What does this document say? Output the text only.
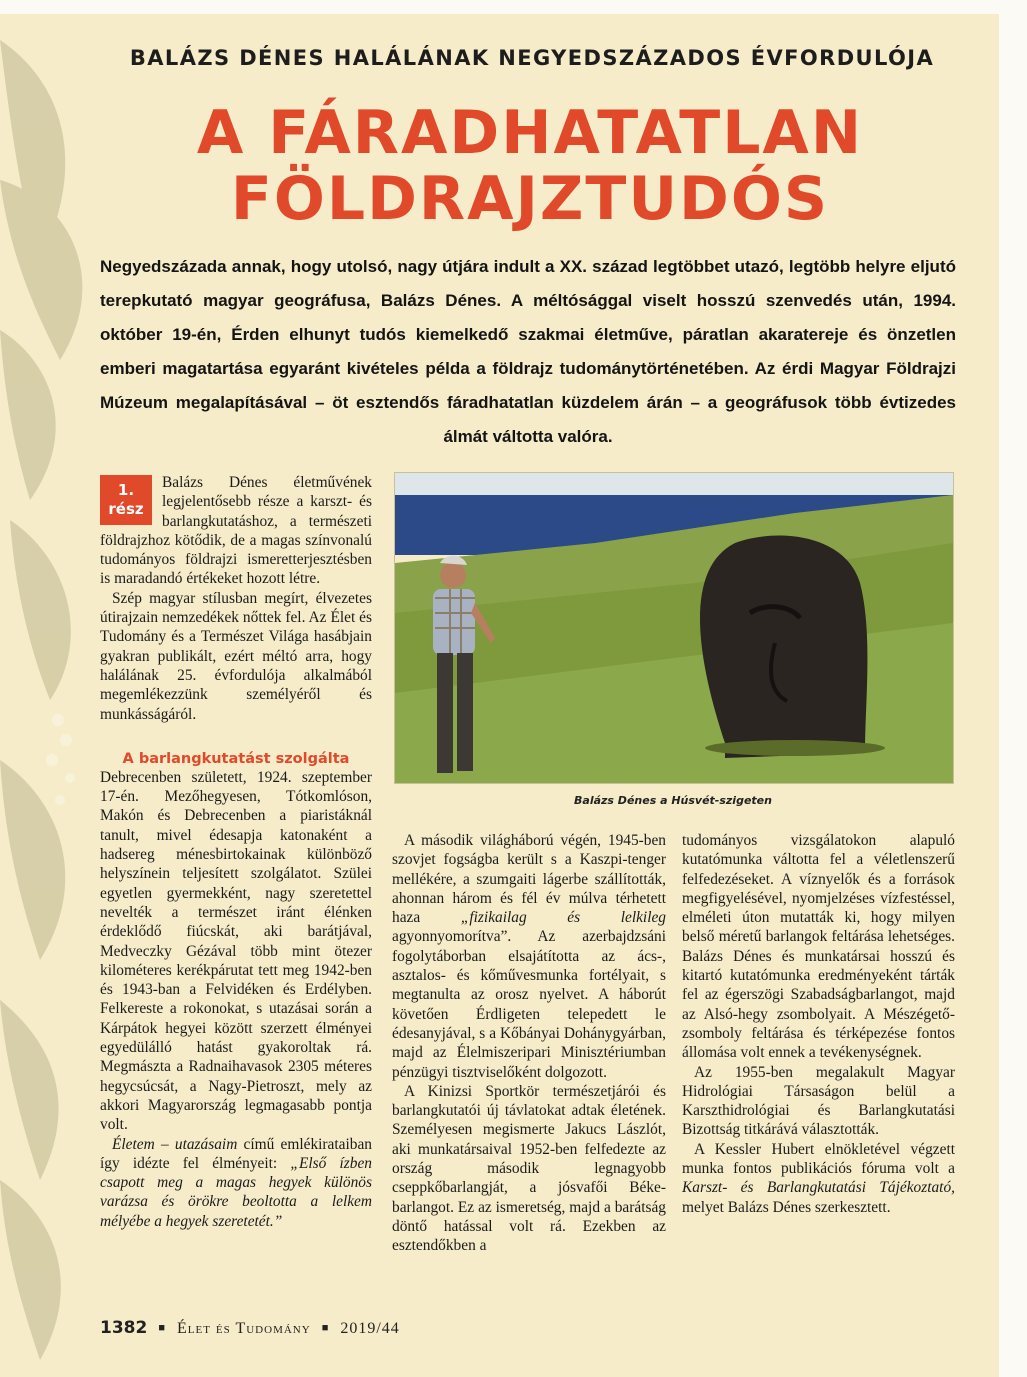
BALÁZS DÉNES HALÁLÁNAK NEGYEDSZÁZADOS ÉVFORDULÓJA
A FÁRADHATATLAN
FÖLDRAJZTUDÓS
Negyedszázada annak, hogy utolsó, nagy útjára indult a XX. század legtöbbet utazó, legtöbb helyre eljutó terepkutató magyar geográfusa, Balázs Dénes. A méltósággal viselt hosszú szenvedés után, 1994. október 19-én, Érden elhunyt tudós kiemelkedő szakmai életműve, páratlan akaratereje és önzetlen emberi magatartása egyaránt kivételes példa a földrajz tudománytörténetében. Az érdi Magyar Földrajzi Múzeum megalapításával – öt esztendős fáradhatatlan küzdelem árán – a geográfusok több évtizedes álmát váltotta valóra.
1.
rész

Balázs Dénes életművének legjelentősebb része a karszt- és barlangkutatáshoz, a természeti földrajzhoz kötődik, de a magas színvonalú tudományos földrajzi ismeretterjesztésben is maradandó értékeket hozott létre.

Szép magyar stílusban megírt, élvezetes útirajzain nemzedékek nőttek fel. Az Élet és Tudomány és a Természet Világa hasábjain gyakran publikált, ezért méltó arra, hogy halálának 25. évfordulója alkalmából megemlékezzünk személyéről és munkásságáról.

A barlangkutatást szolgálta

Debrecenben született, 1924. szeptember 17-én. Mezőhegyesen, Tótkomlóson, Makón és Debrecenben a piaristáknál tanult, mivel édesapja katonaként a hadsereg ménesbirtokainak különböző helyszínein teljesített szolgálatot. Szülei egyetlen gyermekként, nagy szeretettel nevelték a természet iránt élénken érdeklődő fiúcskát, aki barátjával, Medveczky Gézával több mint ötezer kilométeres kerékpárutat tett meg 1942-ben és 1943-ban a Felvidéken és Erdélyben. Felkereste a rokonokat, s utazásai során a Kárpátok hegyei között szerzett élményei egyedülálló hatást gyakoroltak rá. Megmászta a Radnaihavasok 2305 méteres hegycsúcsát, a Nagy-Pietroszt, mely az akkori Magyarország legmagasabb pontja volt.

Életem – utazásaim című emlékirataiban így idézte fel élményeit: „Első ízben csapott meg a magas hegyek különös varázsa és örökre beoltotta a lelkem mélyébe a hegyek szeretetét.”

Balázs Dénes a Húsvét-szigeten

A második világháború végén, 1945-ben szovjet fogságba került s a Kaszpi-tenger mellékére, a szumgaiti lágerbe szállították, ahonnan három és fél év múlva térhetett haza „fizikailag és lelkileg agyonnyomorítva”. Az azerbajdzsáni fogolytáborban elsajátította az ács-, asztalos- és kőművesmunka fortélyait, s megtanulta az orosz nyelvet. A háborút követően Érdligeten telepedett le édesanyjával, s a Kőbányai Dohánygyárban, majd az Élelmiszeripari Minisztériumban pénzügyi tisztviselőként dolgozott.

A Kinizsi Sportkör természetjárói és barlangkutatói új távlatokat adtak életének. Személyesen megismerte Jakucs Lászlót, aki munkatársaival 1952-ben felfedezte az ország második legnagyobb cseppkőbarlangját, a jósvafői Béke-barlangot. Ez az ismeretség, majd a barátság döntő hatással volt rá. Ezekben az esztendőkben a

tudományos vizsgálatokon alapuló kutatómunka váltotta fel a véletlenszerű felfedezéseket. A víznyelők és a források megfigyelésével, nyomjelzéses vízfestéssel, elméleti úton mutatták ki, hogy milyen belső méretű barlangok feltárása lehetséges. Balázs Dénes és munkatársai hosszú és kitartó kutatómunka eredményeként tárták fel az égerszögi Szabadságbarlangot, majd az Alsó-hegy zsombolyait. A Mészégető-zsomboly feltárása és térképezése fontos állomása volt ennek a tevékenységnek.

Az 1955-ben megalakult Magyar Hidrológiai Társaságon belül a Karszthidrológiai és Barlangkutatási Bizottság titkárává választották.

A Kessler Hubert elnökletével végzett munka fontos publikációs fóruma volt a Karszt- és Barlangkutatási Tájékoztató, melyet Balázs Dénes szerkesztett.

1382 ■ Élet és Tudomány ■ 2019/44
